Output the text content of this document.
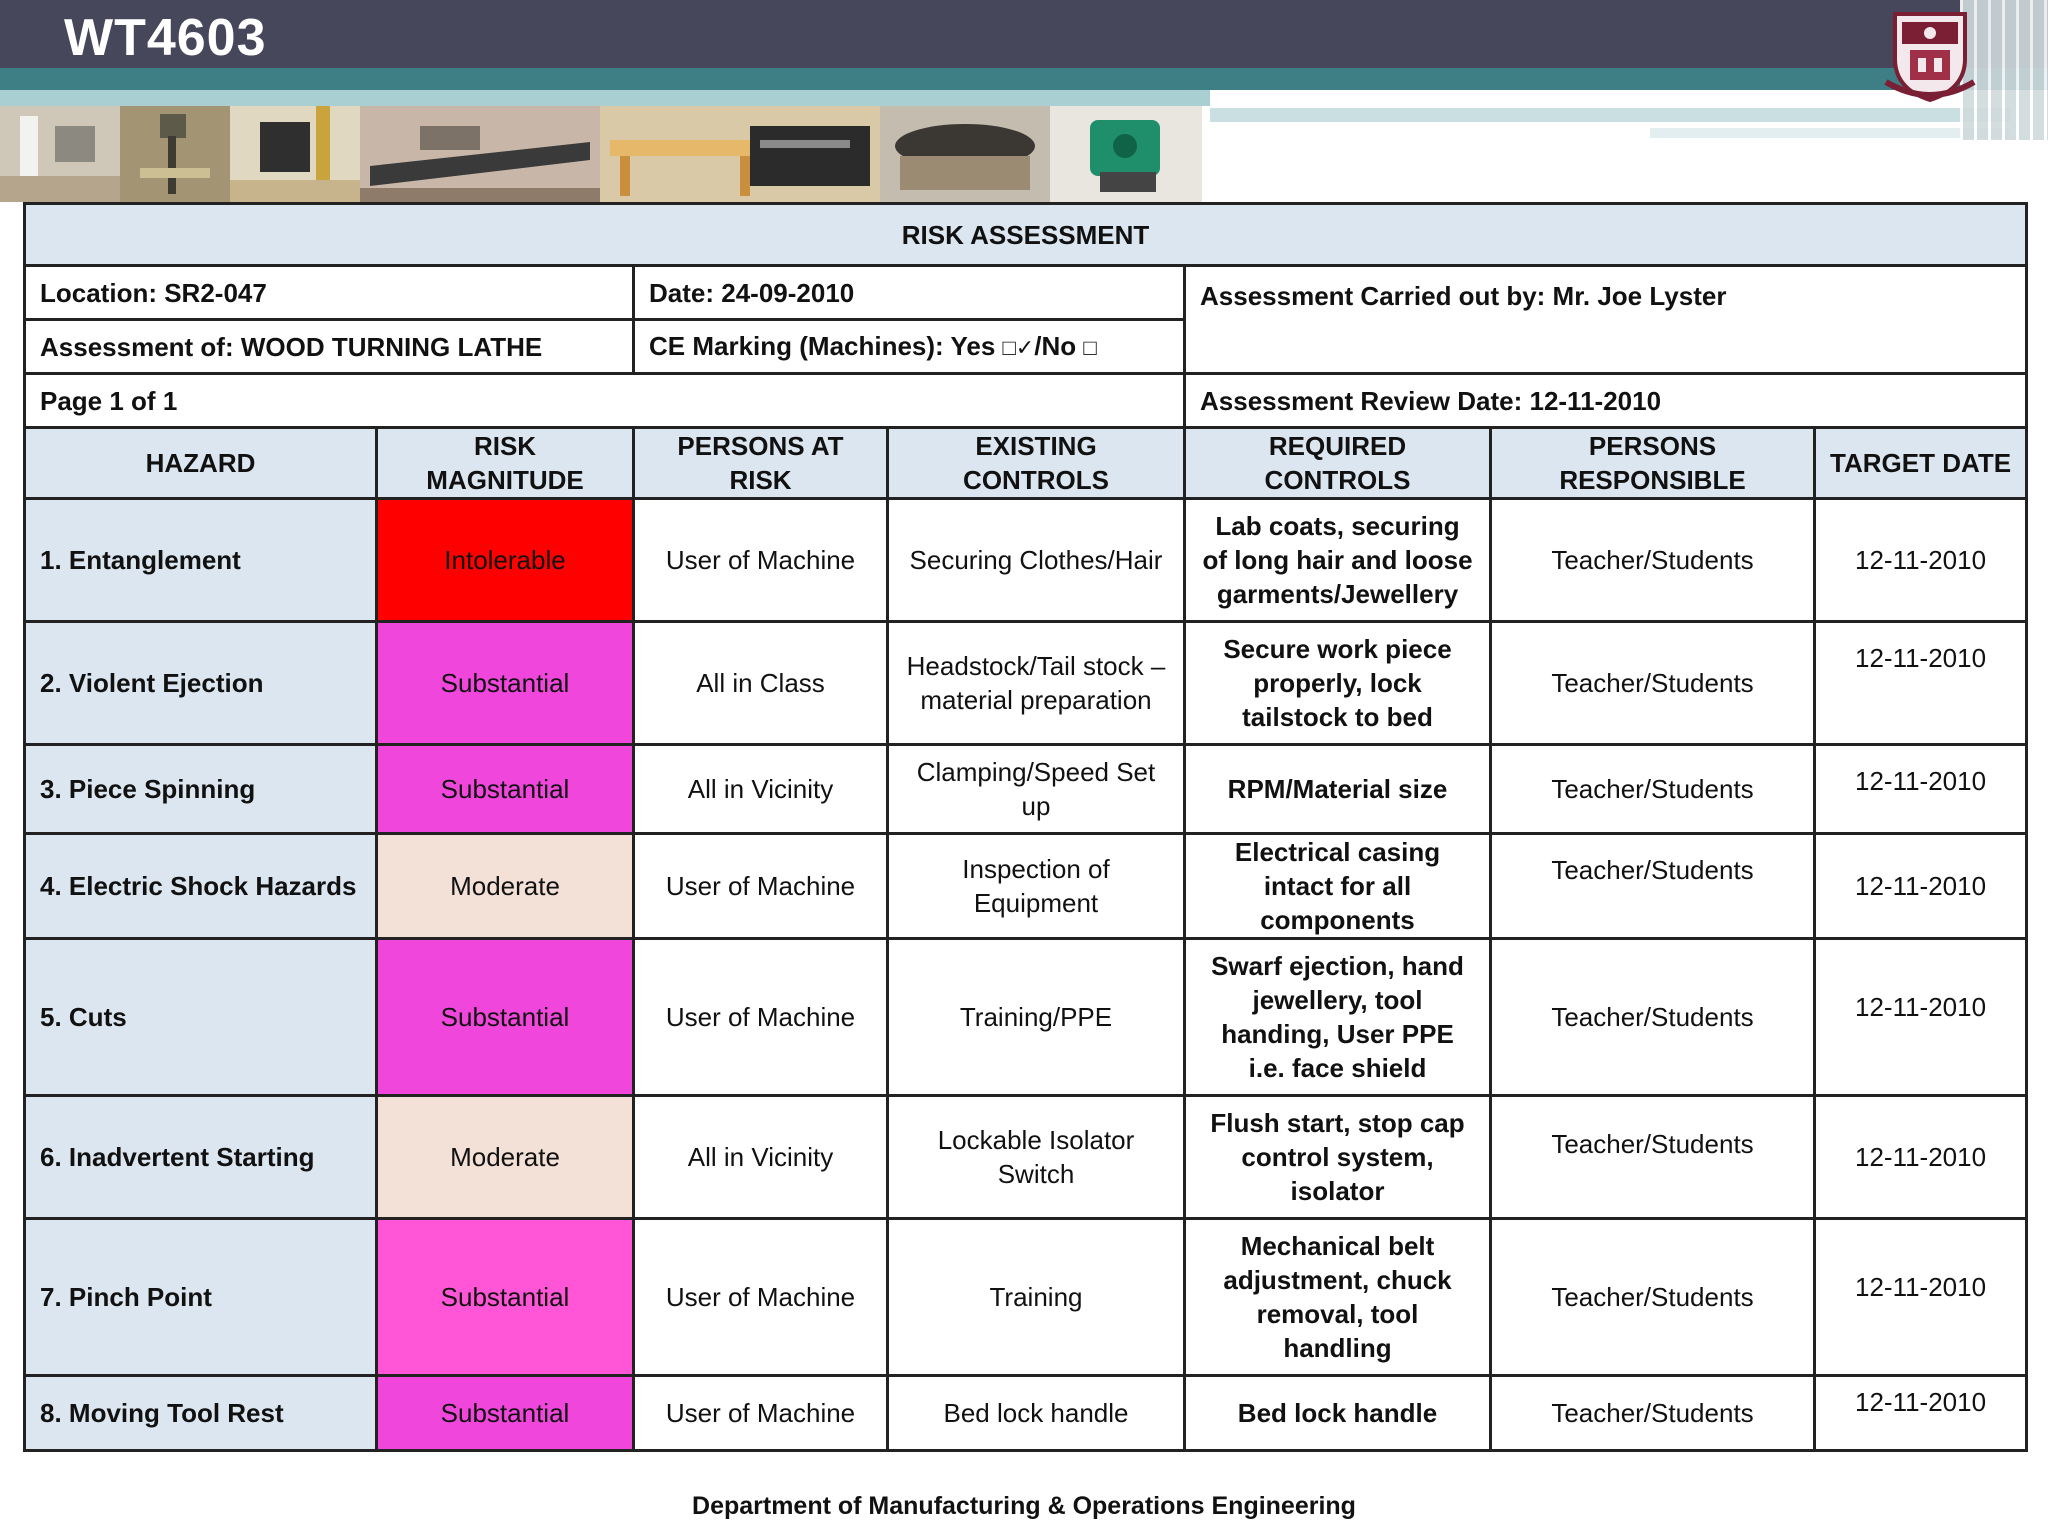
WT4603
RISK ASSESSMENT						
Location: SR2-047		Date: 24-09-2010		Assessment Carried out by: Mr. Joe Lyster		
Assessment of: WOOD TURNING LATHE		CE Marking (Machines): Yes □✓/No □				
Page 1 of 1				Assessment Review Date: 12-11-2010		
HAZARD	RISK MAGNITUDE	PERSONS AT RISK	EXISTING CONTROLS	REQUIRED CONTROLS	PERSONS RESPONSIBLE	TARGET DATE
1. Entanglement	Intolerable	User of Machine	Securing Clothes/Hair	Lab coats, securing of long hair and loose garments/Jewellery	Teacher/Students	12-11-2010
2. Violent Ejection	Substantial	All in Class	Headstock/Tail stock – material preparation	Secure work piece properly, lock tailstock to bed	Teacher/Students	12-11-2010
3. Piece Spinning	Substantial	All in Vicinity	Clamping/Speed Set up	RPM/Material size	Teacher/Students	12-11-2010
4. Electric Shock Hazards	Moderate	User of Machine	Inspection of Equipment	Electrical casing intact for all components	Teacher/Students	12-11-2010
5. Cuts	Substantial	User of Machine	Training/PPE	Swarf ejection, hand jewellery, tool handing, User PPE i.e. face shield	Teacher/Students	12-11-2010
6. Inadvertent Starting	Moderate	All in Vicinity	Lockable Isolator Switch	Flush start, stop cap control system, isolator	Teacher/Students	12-11-2010
7. Pinch Point	Substantial	User of Machine	Training	Mechanical belt adjustment, chuck removal, tool handling	Teacher/Students	12-11-2010
8. Moving Tool Rest	Substantial	User of Machine	Bed lock handle	Bed lock handle	Teacher/Students	12-11-2010
Department of Manufacturing & Operations Engineering
